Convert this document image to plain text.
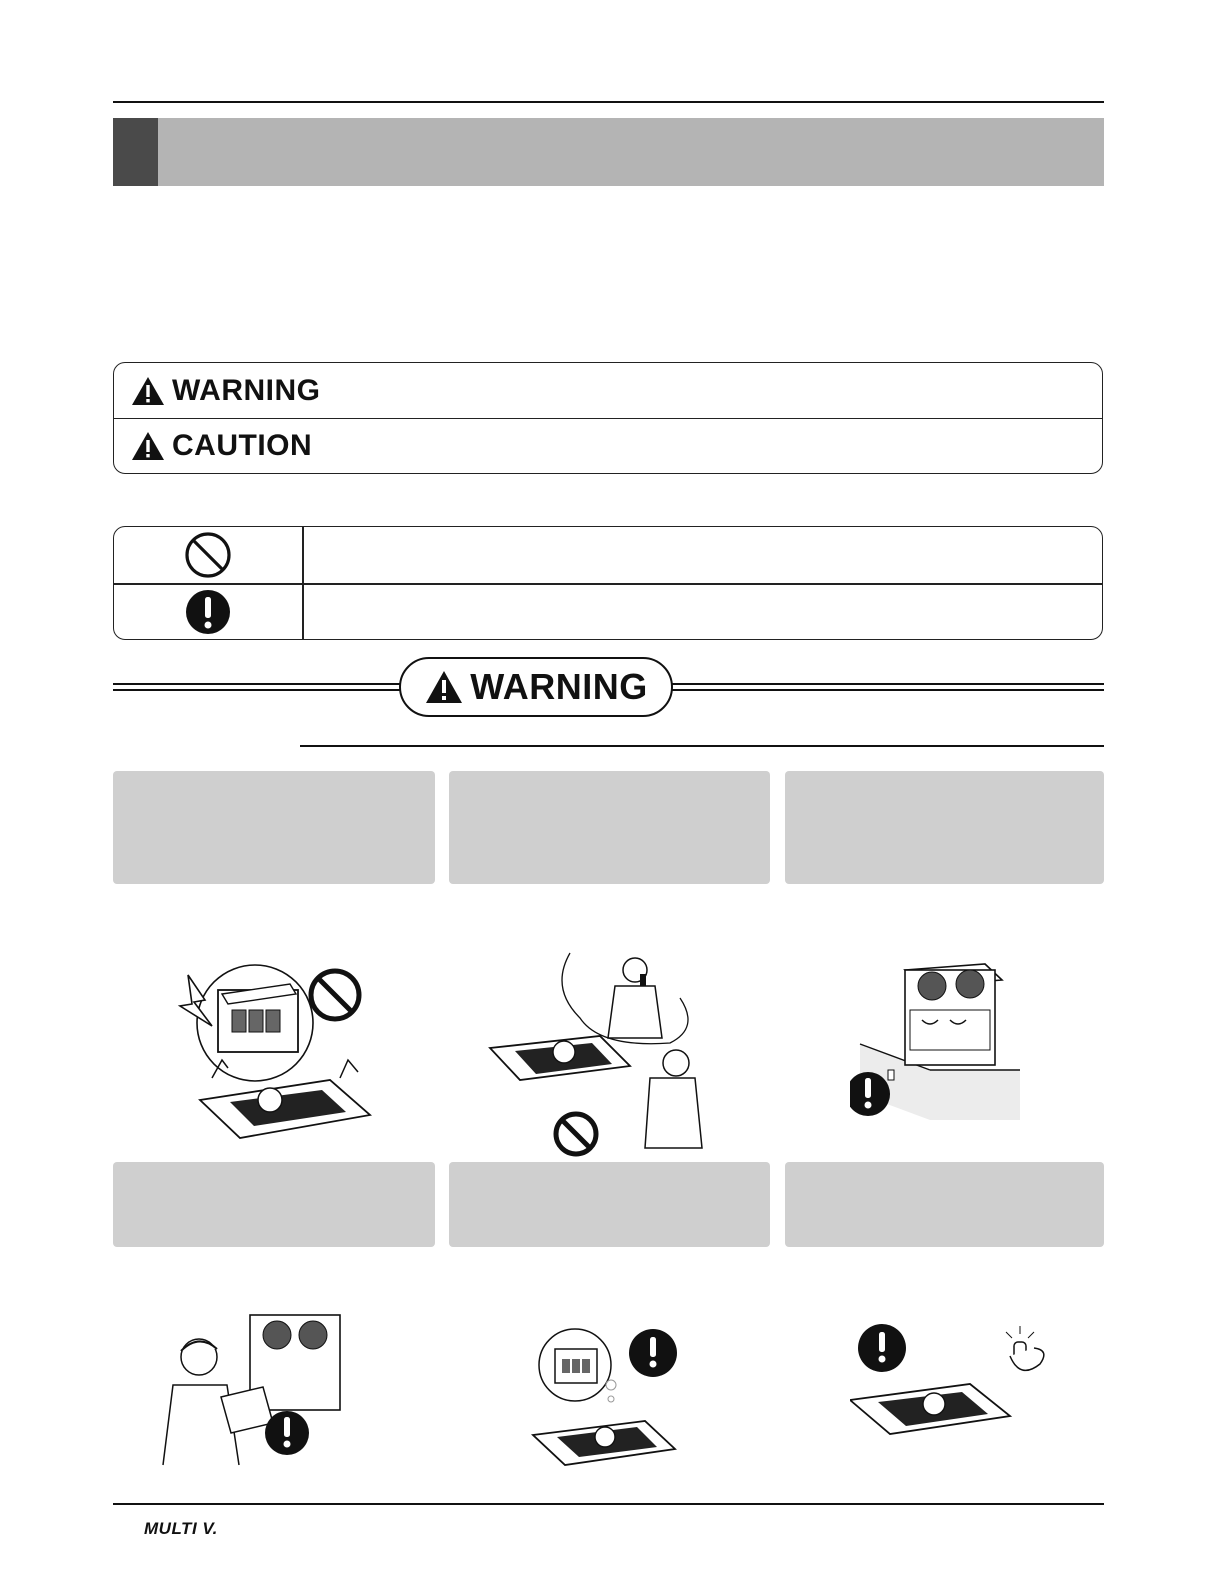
WARNING
CAUTION
WARNING
MULTI V.
